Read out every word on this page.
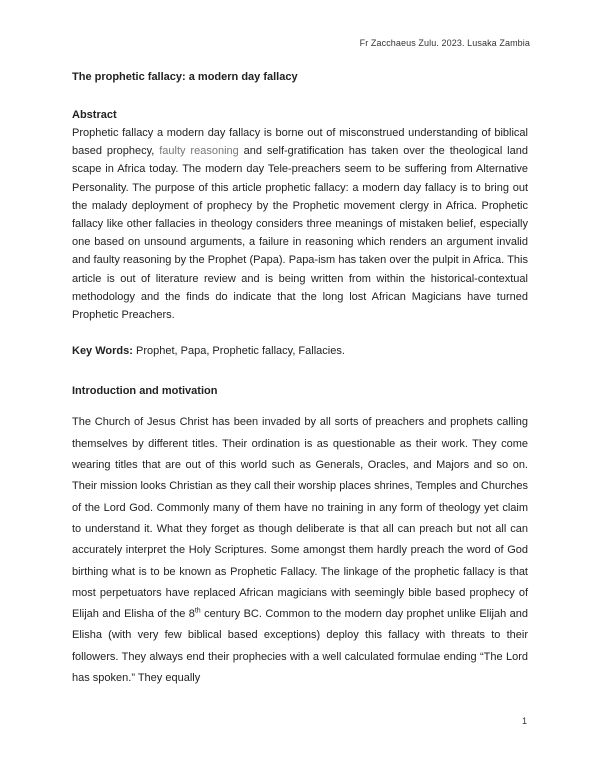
Fr Zacchaeus Zulu. 2023. Lusaka Zambia
The prophetic fallacy: a modern day fallacy
Abstract

Prophetic fallacy a modern day fallacy is borne out of misconstrued understanding of biblical based prophecy, faulty reasoning and self-gratification has taken over the theological land scape in Africa today. The modern day Tele-preachers seem to be suffering from Alternative Personality. The purpose of this article prophetic fallacy: a modern day fallacy is to bring out the malady deployment of prophecy by the Prophetic movement clergy in Africa. Prophetic fallacy like other fallacies in theology considers three meanings of mistaken belief, especially one based on unsound arguments, a failure in reasoning which renders an argument invalid and faulty reasoning by the Prophet (Papa). Papa-ism has taken over the pulpit in Africa. This article is out of literature review and is being written from within the historical-contextual methodology and the finds do indicate that the long lost African Magicians have turned Prophetic Preachers.

Key Words: Prophet, Papa, Prophetic fallacy, Fallacies.

Introduction and motivation

The Church of Jesus Christ has been invaded by all sorts of preachers and prophets calling themselves by different titles. Their ordination is as questionable as their work. They come wearing titles that are out of this world such as Generals, Oracles, and Majors and so on. Their mission looks Christian as they call their worship places shrines, Temples and Churches of the Lord God. Commonly many of them have no training in any form of theology yet claim to understand it. What they forget as though deliberate is that all can preach but not all can accurately interpret the Holy Scriptures. Some amongst them hardly preach the word of God birthing what is to be known as Prophetic Fallacy. The linkage of the prophetic fallacy is that most perpetuators have replaced African magicians with seemingly bible based prophecy of Elijah and Elisha of the 8th century BC. Common to the modern day prophet unlike Elijah and Elisha (with very few biblical based exceptions) deploy this fallacy with threats to their followers. They always end their prophecies with a well calculated formulae ending “The Lord has spoken.” They equally

1
